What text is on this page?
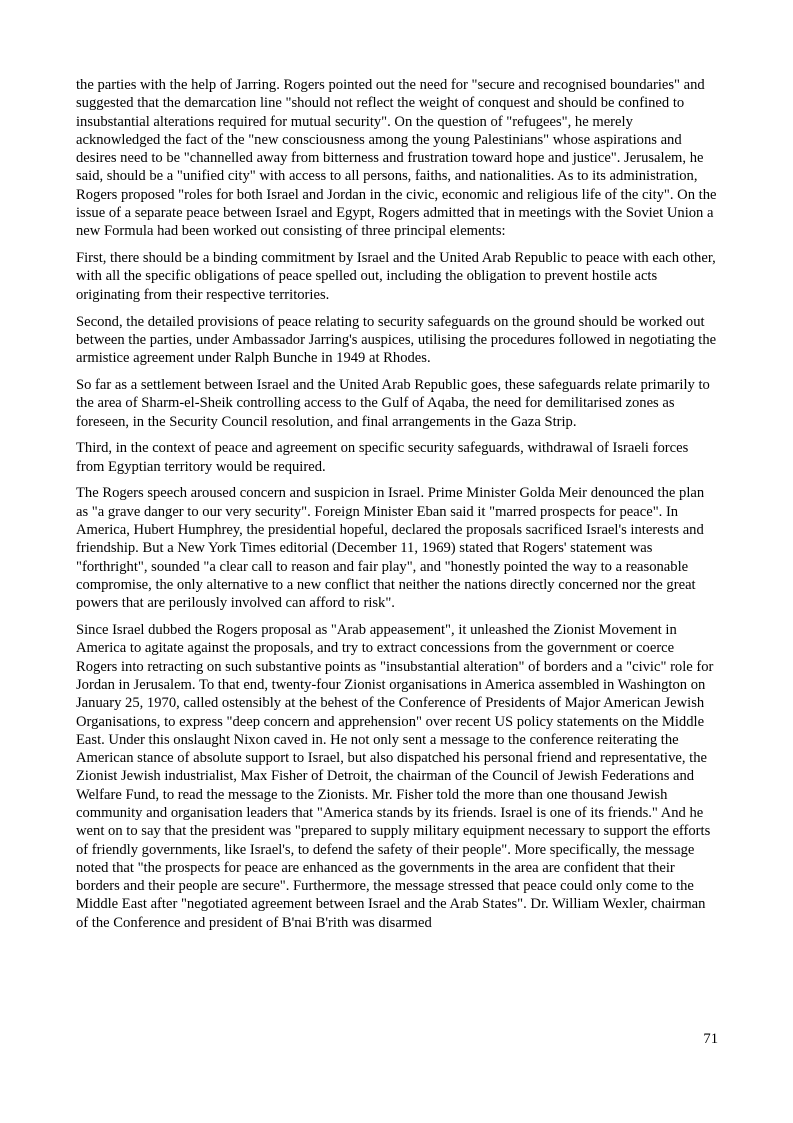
the parties with the help of Jarring. Rogers pointed out the need for "secure and recognised boundaries" and suggested that the demarcation line "should not reflect the weight of conquest and should be confined to insubstantial alterations required for mutual security". On the question of "refugees", he merely acknowledged the fact of the "new consciousness among the young Palestinians" whose aspirations and desires need to be "channelled away from bitterness and frustration toward hope and justice". Jerusalem, he said, should be a "unified city" with access to all persons, faiths, and nationalities. As to its administration, Rogers proposed "roles for both Israel and Jordan in the civic, economic and religious life of the city". On the issue of a separate peace between Israel and Egypt, Rogers admitted that in meetings with the Soviet Union a new Formula had been worked out consisting of three principal elements:

First, there should be a binding commitment by Israel and the United Arab Republic to peace with each other, with all the specific obligations of peace spelled out, including the obligation to prevent hostile acts originating from their respective territories.

Second, the detailed provisions of peace relating to security safeguards on the ground should be worked out between the parties, under Ambassador Jarring's auspices, utilising the procedures followed in negotiating the armistice agreement under Ralph Bunche in 1949 at Rhodes.

So far as a settlement between Israel and the United Arab Republic goes, these safeguards relate primarily to the area of Sharm-el-Sheik controlling access to the Gulf of Aqaba, the need for demilitarised zones as foreseen, in the Security Council resolution, and final arrangements in the Gaza Strip.

Third, in the context of peace and agreement on specific security safeguards, withdrawal of Israeli forces from Egyptian territory would be required.

The Rogers speech aroused concern and suspicion in Israel. Prime Minister Golda Meir denounced the plan as "a grave danger to our very security". Foreign Minister Eban said it "marred prospects for peace". In America, Hubert Humphrey, the presidential hopeful, declared the proposals sacrificed Israel's interests and friendship. But a New York Times editorial (December 11, 1969) stated that Rogers' statement was "forthright", sounded "a clear call to reason and fair play", and "honestly pointed the way to a reasonable compromise, the only alternative to a new conflict that neither the nations directly concerned nor the great powers that are perilously involved can afford to risk".

Since Israel dubbed the Rogers proposal as "Arab appeasement", it unleashed the Zionist Movement in America to agitate against the proposals, and try to extract concessions from the government or coerce Rogers into retracting on such substantive points as "insubstantial alteration" of borders and a "civic" role for Jordan in Jerusalem. To that end, twenty-four Zionist organisations in America assembled in Washington on January 25, 1970, called ostensibly at the behest of the Conference of Presidents of Major American Jewish Organisations, to express "deep concern and apprehension" over recent US policy statements on the Middle East. Under this onslaught Nixon caved in. He not only sent a message to the conference reiterating the American stance of absolute support to Israel, but also dispatched his personal friend and representative, the Zionist Jewish industrialist, Max Fisher of Detroit, the chairman of the Council of Jewish Federations and Welfare Fund, to read the message to the Zionists. Mr. Fisher told the more than one thousand Jewish community and organisation leaders that "America stands by its friends. Israel is one of its friends." And he went on to say that the president was "prepared to supply military equipment necessary to support the efforts of friendly governments, like Israel's, to defend the safety of their people". More specifically, the message noted that "the prospects for peace are enhanced as the governments in the area are confident that their borders and their people are secure". Furthermore, the message stressed that peace could only come to the Middle East after "negotiated agreement between Israel and the Arab States". Dr. William Wexler, chairman of the Conference and president of B'nai B'rith was disarmed

71
